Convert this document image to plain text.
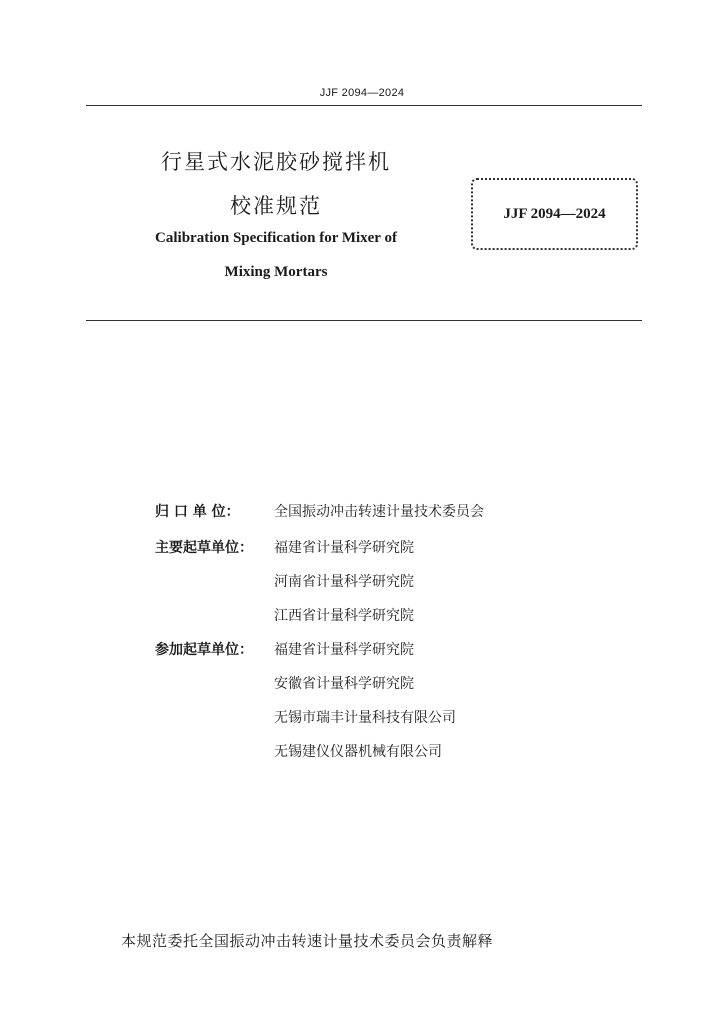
JJF 2094—2024
行星式水泥胶砂搅拌机
校准规范
Calibration Specification for Mixer of
Mixing Mortars
JJF 2094—2024
归 口 单 位： 全国振动冲击转速计量技术委员会
主要起草单位： 福建省计量科学研究院
河南省计量科学研究院
江西省计量科学研究院
参加起草单位： 福建省计量科学研究院
安徽省计量科学研究院
无锡市瑞丰计量科技有限公司
无锡建仪仪器机械有限公司
本规范委托全国振动冲击转速计量技术委员会负责解释
